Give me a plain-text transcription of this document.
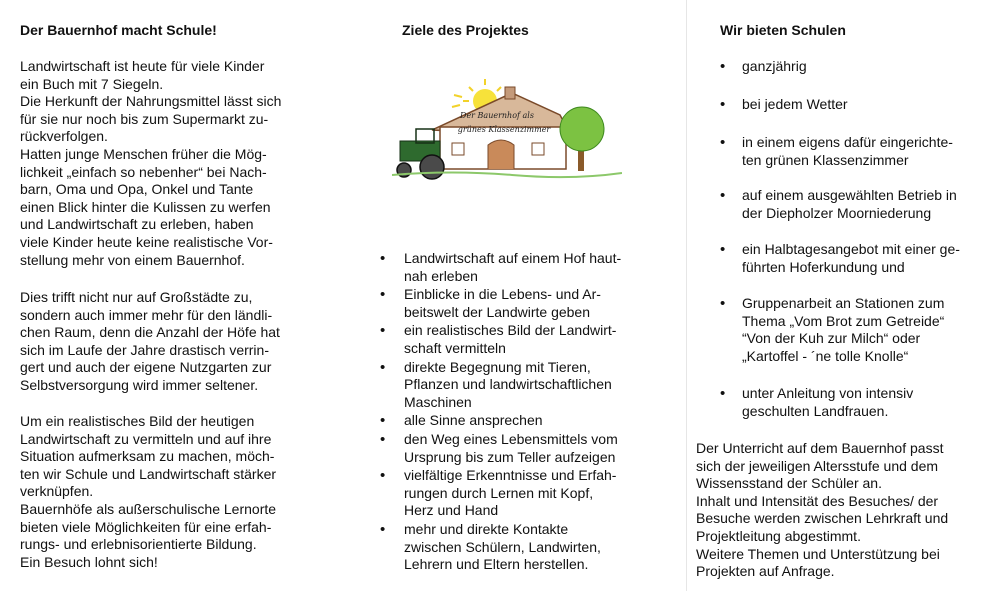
Der Bauernhof macht Schule!

Landwirtschaft ist heute für viele Kinder
ein Buch mit 7 Siegeln.
Die Herkunft der Nahrungsmittel lässt sich
für sie nur noch bis zum Supermarkt zu-
rückverfolgen.
Hatten junge Menschen früher die Mög-
lichkeit „einfach so nebenher“ bei Nach-
barn, Oma und Opa, Onkel und Tante
einen Blick hinter die Kulissen zu werfen
und Landwirtschaft zu erleben, haben
viele Kinder heute keine realistische Vor-
stellung mehr von einem Bauernhof.

Dies trifft nicht nur auf Großstädte zu,
sondern auch immer mehr für den ländli-
chen Raum, denn die Anzahl der Höfe hat
sich im Laufe der Jahre drastisch verrin-
gert und auch der eigene Nutzgarten zur
Selbstversorgung wird immer seltener.

Um ein realistisches Bild der heutigen
Landwirtschaft zu vermitteln und auf ihre
Situation aufmerksam zu machen, möch-
ten wir Schule und Landwirtschaft stärker
verknüpfen.
Bauernhöfe als außerschulische Lernorte
bieten viele Möglichkeiten für eine erfah-
rungs- und erlebnisorientierte Bildung.
Ein Besuch lohnt sich!

Ziele des Projektes
Der Bauernhof als
grünes Klassenzimmer
• Landwirtschaft auf einem Hof haut-
nah erleben
• Einblicke in die Lebens- und Ar-
beitswelt der Landwirte geben
• ein realistisches Bild der Landwirt-
schaft vermitteln
• direkte Begegnung mit Tieren,
Pflanzen und landwirtschaftlichen
Maschinen
• alle Sinne ansprechen
• den Weg eines Lebensmittels vom
Ursprung bis zum Teller aufzeigen
• vielfältige Erkenntnisse und Erfah-
rungen durch Lernen mit Kopf,
Herz und Hand
• mehr und direkte Kontakte
zwischen Schülern, Landwirten,
Lehrern und Eltern herstellen.
Wir bieten Schulen
• ganzjährig
• bei jedem Wetter
• in einem eigens dafür eingerichte-
ten grünen Klassenzimmer
• auf einem ausgewählten Betrieb in
der Diepholzer Moorniederung
• ein Halbtagesangebot mit einer ge-
führten Hoferkundung und
• Gruppenarbeit an Stationen zum
Thema „Vom Brot zum Getreide“
“Von der Kuh zur Milch“ oder
„Kartoffel - ´ne tolle Knolle“
• unter Anleitung von intensiv
geschulten Landfrauen.

Der Unterricht auf dem Bauernhof passt
sich der jeweiligen Altersstufe und dem
Wissensstand der Schüler an.
Inhalt und Intensität des Besuches/ der
Besuche werden zwischen Lehrkraft und
Projektleitung abgestimmt.
Weitere Themen und Unterstützung bei
Projekten auf Anfrage.
